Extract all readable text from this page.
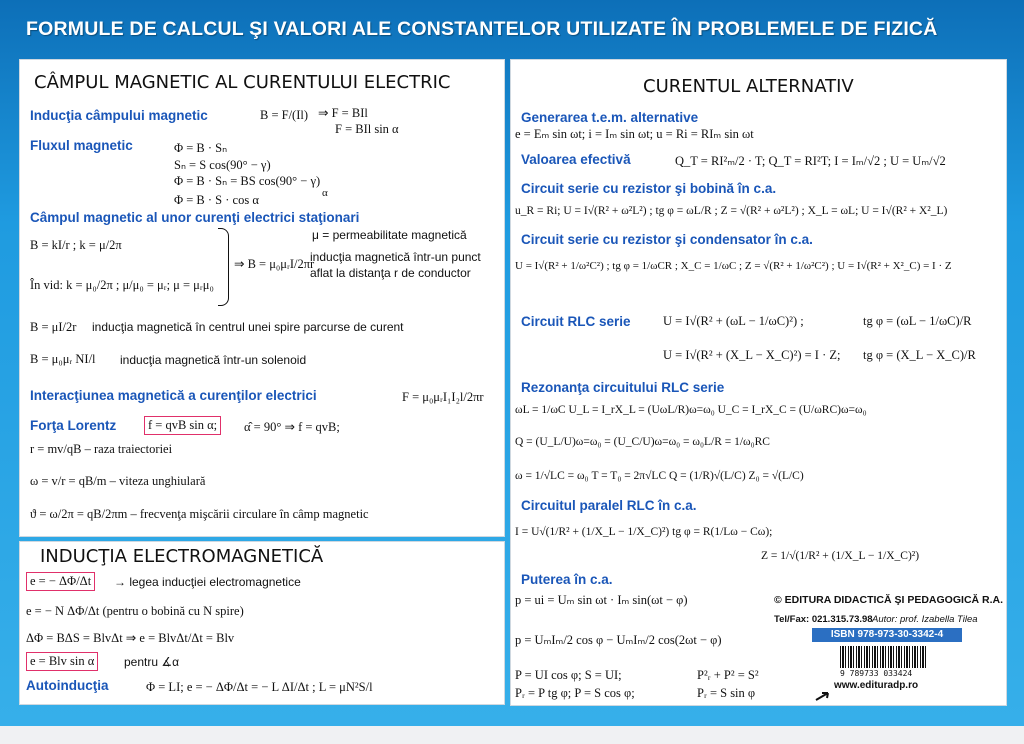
FORMULE DE CALCUL ŞI VALORI ALE CONSTANTELOR UTILIZATE ÎN PROBLEMELE DE FIZICĂ
CÂMPUL MAGNETIC AL CURENTULUI ELECTRIC
Inducţia câmpului magnetic	B = F/(Il) ⇒ F = BIl
F = BIl sin α
Fluxul magnetic	Φ = B · Sₙ
Sₙ = S cos(90° − γ)
Φ = B · Sₙ = BS cos(90° − γ)
α
Φ = B · S · cos α
Câmpul magnetic al unor curenţi electrici staţionari
B = kI/r ; k = μ/2π
μ = permeabilitate magnetică
În vid: k = μ₀/2π ; μ/μ₀ = μᵣ; μ = μᵣμ₀
⇒ B = μ₀μᵣI/2πr
inducţia magnetică într-un punct
aflat la distanţa r de conductor
B = μI/2r inducţia magnetică în centrul unei spire parcurse de curent
B = μ₀μᵣ NI/l inducţia magnetică într-un solenoid
Interacţiunea magnetică a curenţilor electrici	F = μ₀μᵣI₁I₂l/2πr
Forţa Lorentz	f = qvB sin α;	α̂ = 90° ⇒ f = qvB;
r = mv/qB – raza traiectoriei
ω = v/r = qB/m – viteza unghiulară
ϑ = ω/2π = qB/2πm – frecvenţa mişcării circulare în câmp magnetic
INDUCŢIA ELECTROMAGNETICĂ
e = − ΔΦ/Δt	→ legea inducţiei electromagnetice
e = − N ΔΦ/Δt (pentru o bobină cu N spire)
ΔΦ = BΔS = BlvΔt ⇒ e = BlvΔt/Δt = Blv
e = Blv sin α	pentru ∡α
Autoinducţia	Φ = LI; e = − ΔΦ/Δt = − L ΔI/Δt ; L = μN²S/l
CURENTUL ALTERNATIV
Generarea t.e.m. alternative
e = Eₘ sin ωt; i = Iₘ sin ωt; u = Ri = RIₘ sin ωt
Valoarea efectivă	Q_T = RI²ₘ/2 · T; Q_T = RI²T; I = Iₘ/√2 ; U = Uₘ/√2
Circuit serie cu rezistor şi bobină în c.a.
u_R = Ri; U = I√(R² + ω²L²) ; tg φ = ωL/R ; Z = √(R² + ω²L²) ; X_L = ωL; U = I√(R² + X²_L)
Circuit serie cu rezistor şi condensator în c.a.
U = I√(R² + 1/ω²C²) ; tg φ = 1/ωCR ; X_C = 1/ωC ; Z = √(R² + 1/ω²C²) ; U = I√(R² + X²_C) = I · Z
Circuit RLC serie	U = I√(R² + (ωL − 1/ωC)²) ;	tg φ = (ωL − 1/ωC)/R
U = I√(R² + (X_L − X_C)²) = I · Z; tg φ = (X_L − X_C)/R
Rezonanţa circuitului RLC serie
ωL = 1/ωC U_L = I_rX_L = (UωL/R)ω=ω₀ U_C = I_rX_C = (U/ωRC)ω=ω₀
Q = (U_L/U)ω=ω₀ = (U_C/U)ω=ω₀ = ω₀L/R = 1/ω₀RC
ω = 1/√LC = ω₀ T = T₀ = 2π√LC Q = (1/R)√(L/C) Z₀ = √(L/C)
Circuitul paralel RLC în c.a.
I = U√(1/R² + (1/X_L − 1/X_C)²) tg φ = R(1/Lω − Cω);
Z = 1/√(1/R² + (1/X_L − 1/X_C)²)
Puterea în c.a.
p = ui = Uₘ sin ωt · Iₘ sin(ωt − φ)
p = UₘIₘ/2 cos φ − UₘIₘ/2 cos(2ωt − φ)
P = UI cos φ; S = UI;	P²ᵣ + P² = S²
Pᵣ = P tg φ; P = S cos φ;	Pᵣ = S sin φ
© EDITURA DIDACTICĂ ŞI PEDAGOGICĂ R.A.
Tel/Fax: 021.315.73.98 Autor: prof. Izabella Tilea
ISBN 978-973-30-3342-4
9 789733 033424
www.edituradp.ro
